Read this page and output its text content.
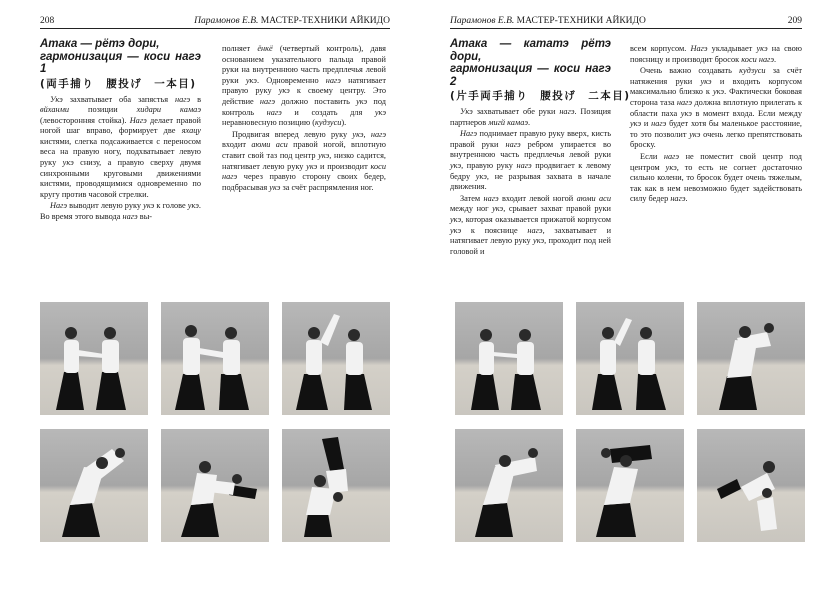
208	Парамонов Е.В. МАСТЕР-ТЕХНИКИ АЙКИДО
Атака — рётэ дори,
гармонизация — коси нагэ 1
(両手捕り　腰投げ　一本目)

Укэ захватывает оба запястья нагэ в вйханми позиции хидари камаэ (левосторонняя стойка). Нагэ делает правой ногой шаг вправо, формирует две яхацу кистями, слегка подсаживается с переносом веса на правую ногу, подхватывает левую руку укэ снизу, а правую сверху двумя синхронными круговыми движениями кистями, проводящимися одновременно по кругу против часовой стрелки.

Нагэ выводит левую руку укэ к голове укэ. Во время этого вывода нагэ вы-

полняет ёнкё (четвертый контроль), давя основанием указательного пальца правой руки на внутреннюю часть предплечья левой руки укэ. Одновременно нагэ натягивает правую руку укэ к своему центру. Это действие нагэ должно поставить укэ под контроль нагэ и создать для укэ неравновесную позицию (кудзуси).

Продвигая вперед левую руку укэ, нагэ входит аюми аси правой ногой, вплотную ставит свой таз под центр укэ, низко садится, натягивает левую руку укэ и производит коси нагэ через правую сторону своих бедер, подбрасывая укэ за счёт распрямления ног.

Парамонов Е.В. МАСТЕР-ТЕХНИКИ АЙКИДО	209
Атака — кататэ рётэ дори,
гармонизация — коси нагэ 2
(片手両手捕り　腰投げ　二本目)

Укэ захватывает обе руки нагэ. Позиция партнеров мигй камаэ.

Нагэ поднимает правую руку вверх, кисть правой руки нагэ ребром упирается во внутреннюю часть предплечья левой руки укэ, правую руку нагэ продвигает к левому бедру укэ, не разрывая захвата в начале движения.

Затем нагэ входит левой ногой аюми аси между ног укэ, срывает захват правой руки укэ, которая оказывается прижатой корпусом укэ к пояснице нагэ, захватывает и натягивает левую руку укэ, проходит под ней головой и

всем корпусом. Нагэ укладывает укэ на свою поясницу и производит бросок коси нагэ.

Очень важно создавать кудзуси за счёт натяжения руки укэ и входить корпусом максимально близко к укэ. Фактически боковая сторона таза нагэ должна вплотную прилегать к области паха укэ в момент входа. Если между укэ и нагэ будет хотя бы маленькое расстояние, то это позволит укэ очень легко препятствовать броску.

Если нагэ не поместит свой центр под центром укэ, то есть не согнет достаточно сильно колени, то бросок будет очень тяжелым, так как в нем невозможно будет задействовать силу бедер нагэ.
